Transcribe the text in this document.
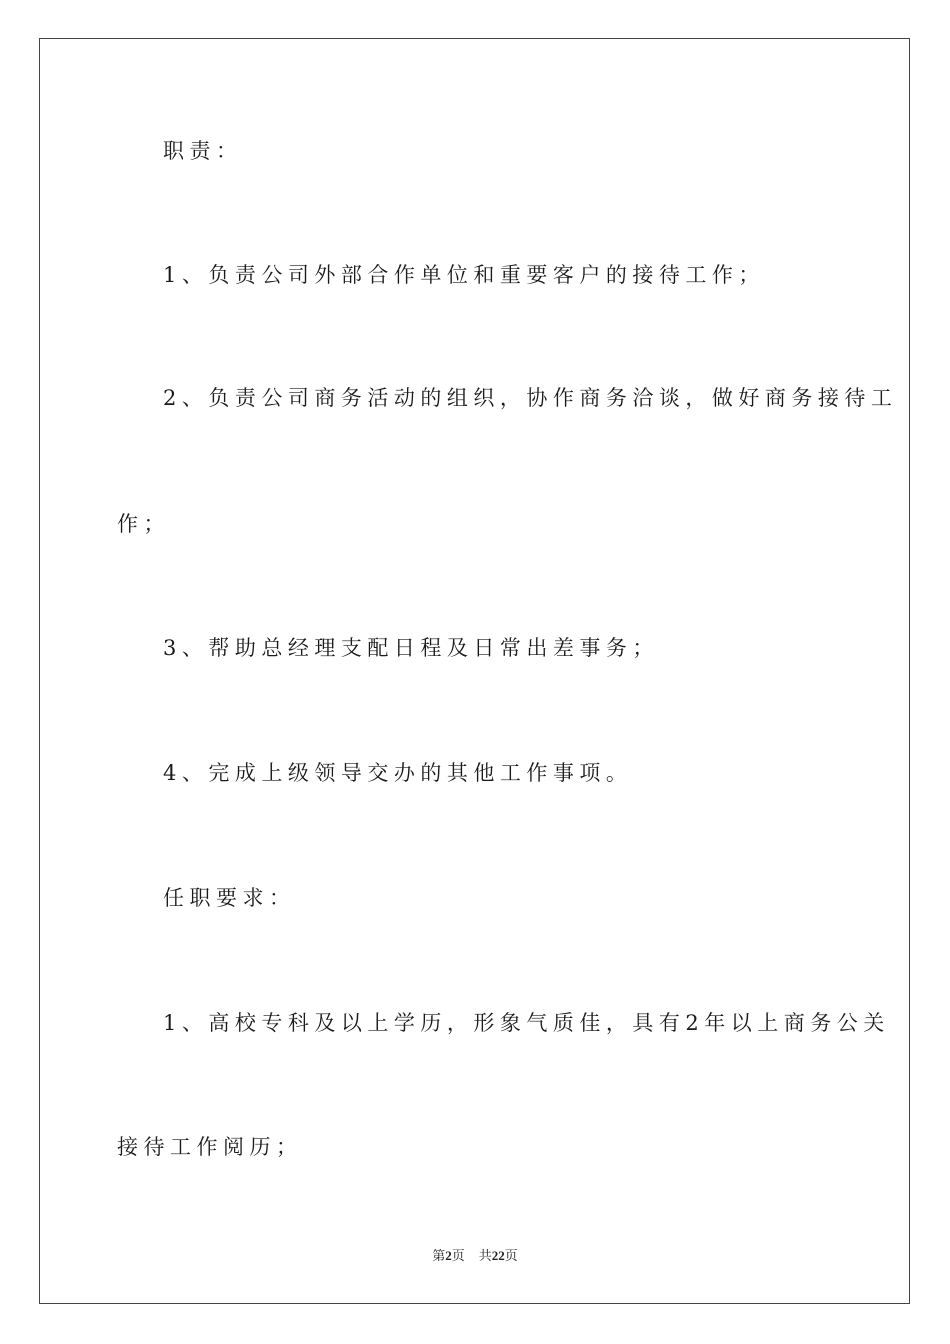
职责：
1、负责公司外部合作单位和重要客户的接待工作；
2、负责公司商务活动的组织，协作商务洽谈，做好商务接待工
作；
3、帮助总经理支配日程及日常出差事务；
4、完成上级领导交办的其他工作事项。
任职要求：
1、高校专科及以上学历，形象气质佳，具有2年以上商务公关
接待工作阅历；
第2页 共22页
